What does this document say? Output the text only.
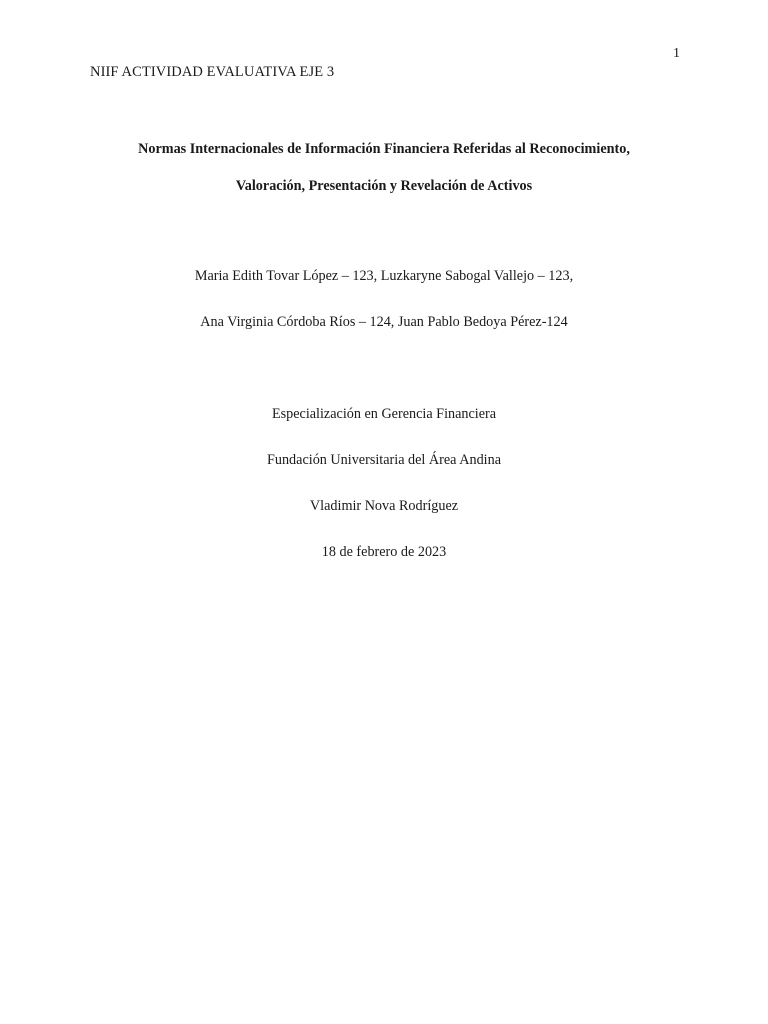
1
NIIF ACTIVIDAD EVALUATIVA EJE 3

Normas Internacionales de Información Financiera Referidas al Reconocimiento,

Valoración, Presentación y Revelación de Activos

Maria Edith Tovar López – 123, Luzkaryne Sabogal Vallejo – 123,

Ana Virginia Córdoba Ríos – 124, Juan Pablo Bedoya Pérez-124

Especialización en Gerencia Financiera

Fundación Universitaria del Área Andina

Vladimir Nova Rodríguez

18 de febrero de 2023
